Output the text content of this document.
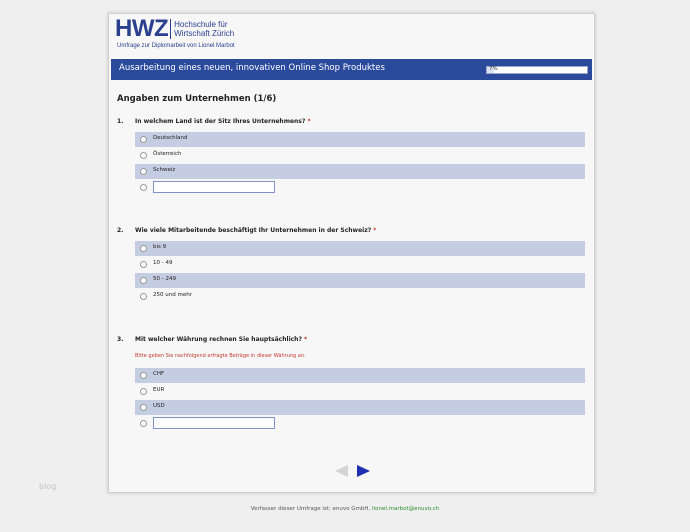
HWZ Hochschule für
Wirtschaft Zürich
Umfrage zur Diplomarbeit von Lionel Marbot
Ausarbeitung eines neuen, innovativen Online Shop Produktes	7%
Angaben zum Unternehmen (1/6)
1. In welchem Land ist der Sitz Ihres Unternehmens? *
Deutschland
Österreich
Schweiz
2. Wie viele Mitarbeitende beschäftigt Ihr Unternehmen in der Schweiz? *
bis 9
10 - 49
50 - 249
250 und mehr
3. Mit welcher Währung rechnen Sie hauptsächlich? *
Bitte geben Sie nachfolgend erfragte Beträge in dieser Währung an.
CHF
EUR
USD
blog
Verfasser dieser Umfrage ist: enuvo GmbH, lionel.marbot@enuvo.ch
